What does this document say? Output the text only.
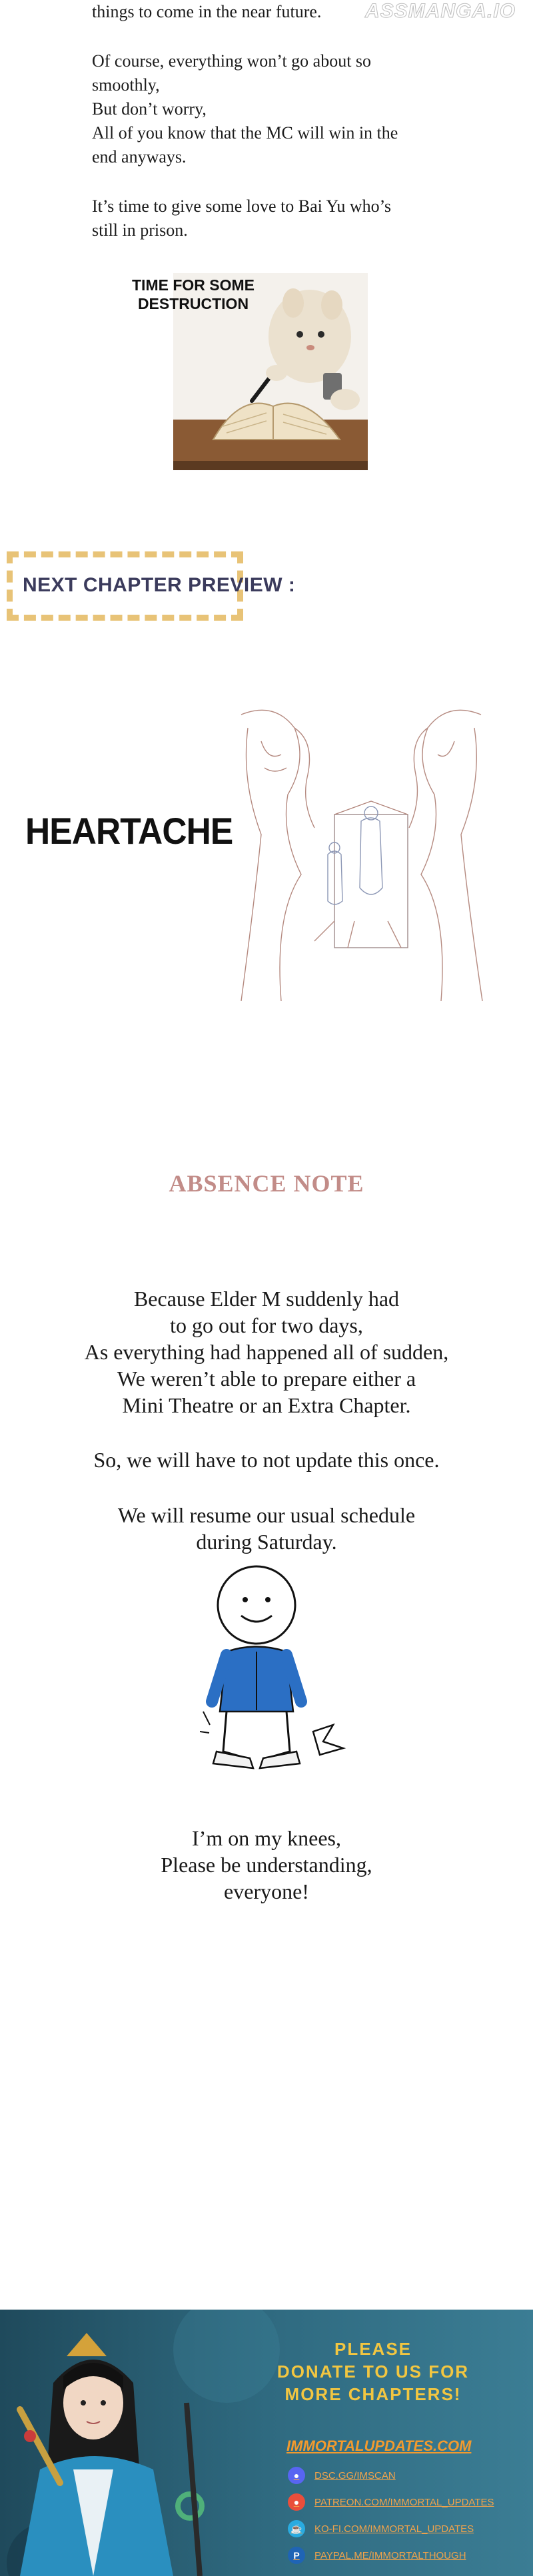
ASSMANGA.IO

things to come in the near future.

Of course, everything won’t go about so
smoothly,
But don’t worry,
All of you know that the MC will win in the
end anyways.

It’s time to give some love to Bai Yu who’s
still in prison.

TIME FOR SOME
DESTRUCTION
NEXT CHAPTER PREVIEW :
HEARTACHE
ABSENCE NOTE
Because Elder M suddenly had
to go out for two days,
As everything had happened all of sudden,
We weren’t able to prepare either a
Mini Theatre or an Extra Chapter.
So, we will have to not update this once.
We will resume our usual schedule
during Saturday.
I’m on my knees,
Please be understanding,
everyone!
PLEASE
DONATE TO US FOR
MORE CHAPTERS!
IMMORTALUPDATES.COM
●	DSC.GG/IMSCAN
●	PATREON.COM/IMMORTAL_UPDATES
☕ KO-FI.COM/IMMORTAL_UPDATES
P	PAYPAL.ME/IMMORTALTHOUGH
